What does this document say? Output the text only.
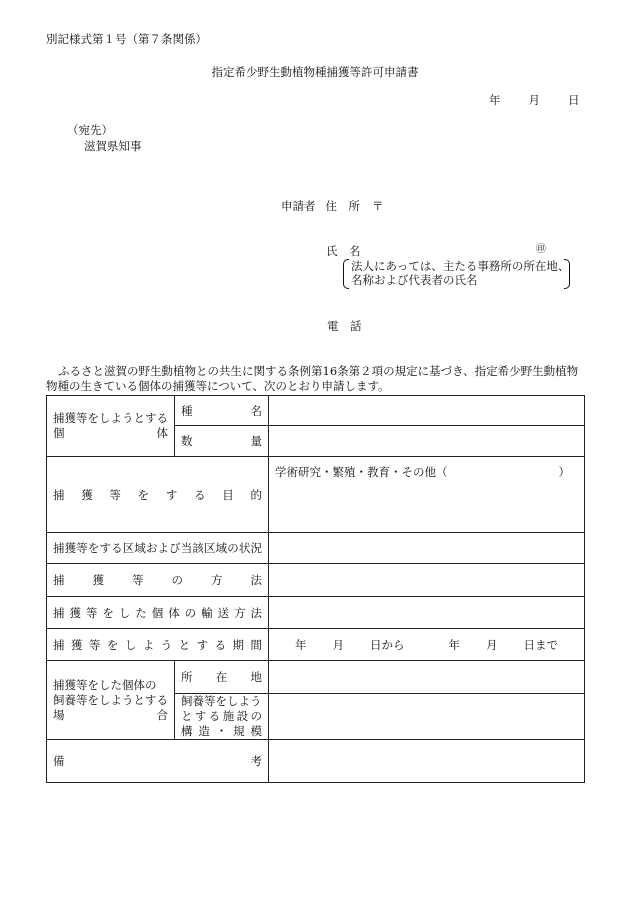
別記様式第１号（第７条関係）
指定希少野生動植物種捕獲等許可申請書
年 月 日
（宛先）
滋賀県知事
申請者 住　所 〒
氏　名	㊞
法人にあっては、主たる事務所の所在地、
名称および代表者の氏名
電　話

ふるさと滋賀の野生動植物との共生に関する条例第16条第２項の規定に基づき、指定希少野生動植物

物種の生きている個体の捕獲等について、次のとおり申請します。

捕獲等をしようとする
個　　　　　体	種名	
	数量	
捕獲等をする目的		学術研究・繁殖・教育・その他（ ）

捕獲等をする区域および当該区域の状況		
捕獲等の方法		
捕獲等をした個体の輸送方法		
捕獲等をしようとする期間		年 月 日から 年 月 日まで

捕獲等をした個体の
飼養等をしようとする
場　　　　　　　合	所在地	

	飼養等をしよう
とする施設の
構造・規模	

備考		
